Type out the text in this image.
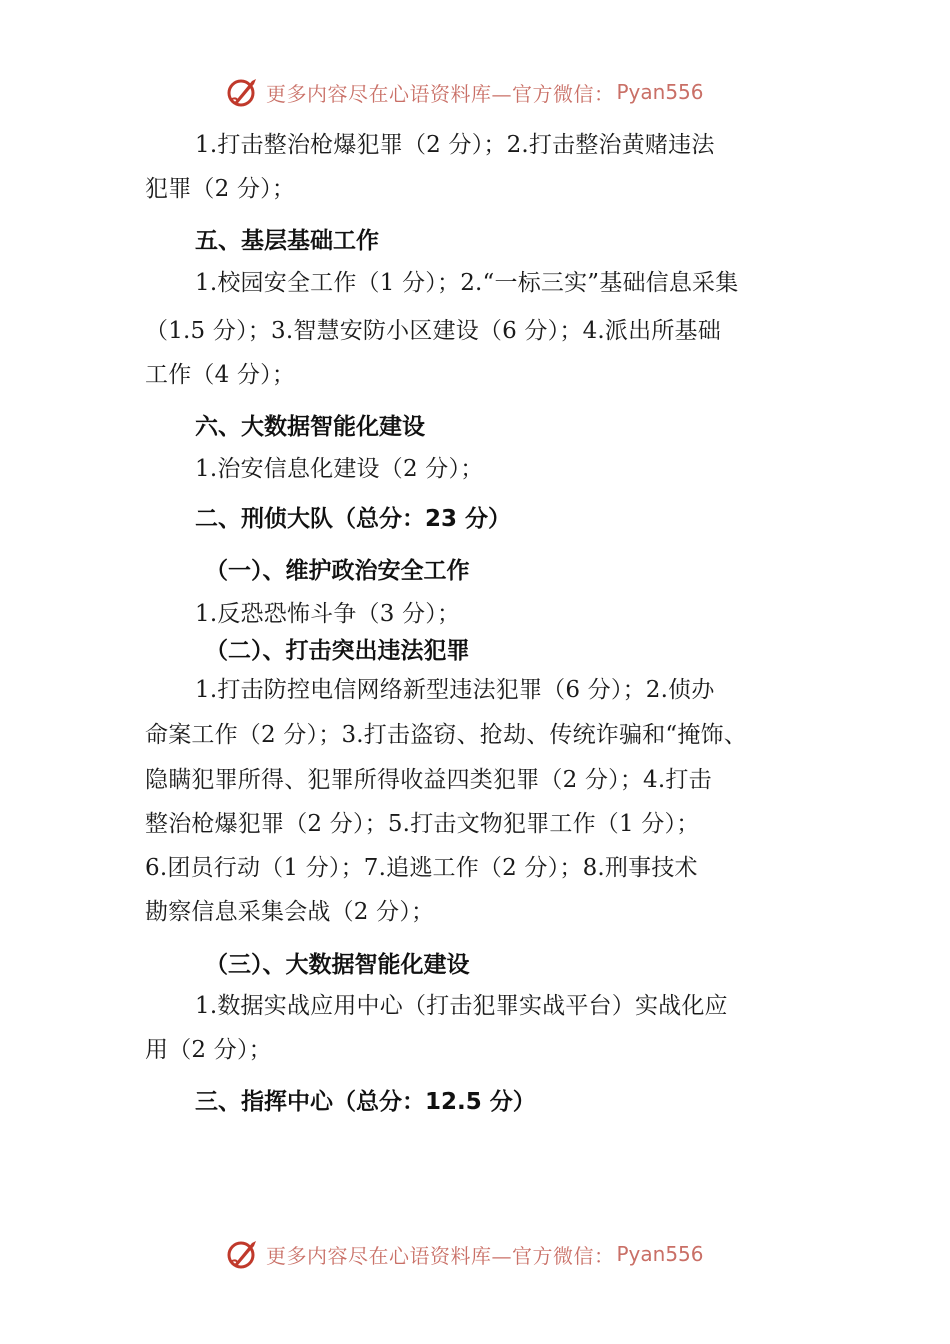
更多内容尽在心语资料库—官方微信： Pyan556
1.打击整治枪爆犯罪（2 分）；2.打击整治黄赌违法
犯罪（2 分）；
五、基层基础工作
1.校园安全工作（1 分）；2.“一标三实”基础信息采集
（1.5 分）；3.智慧安防小区建设（6 分）；4.派出所基础
工作（4 分）；
六、大数据智能化建设
1.治安信息化建设（2 分）；
二、刑侦大队（总分：23 分）
（一）、维护政治安全工作
1.反恐恐怖斗争（3 分）；
（二）、打击突出违法犯罪
1.打击防控电信网络新型违法犯罪（6 分）；2.侦办
命案工作（2 分）；3.打击盗窃、抢劫、传统诈骗和“掩饰、
隐瞒犯罪所得、犯罪所得收益四类犯罪（2 分）；4.打击
整治枪爆犯罪（2 分）；5.打击文物犯罪工作（1 分）；
6.团员行动（1 分）；7.追逃工作（2 分）；8.刑事技术
勘察信息采集会战（2 分）；
（三）、大数据智能化建设
1.数据实战应用中心（打击犯罪实战平台）实战化应
用（2 分）；
三、指挥中心（总分：12.5 分）
更多内容尽在心语资料库—官方微信： Pyan556
